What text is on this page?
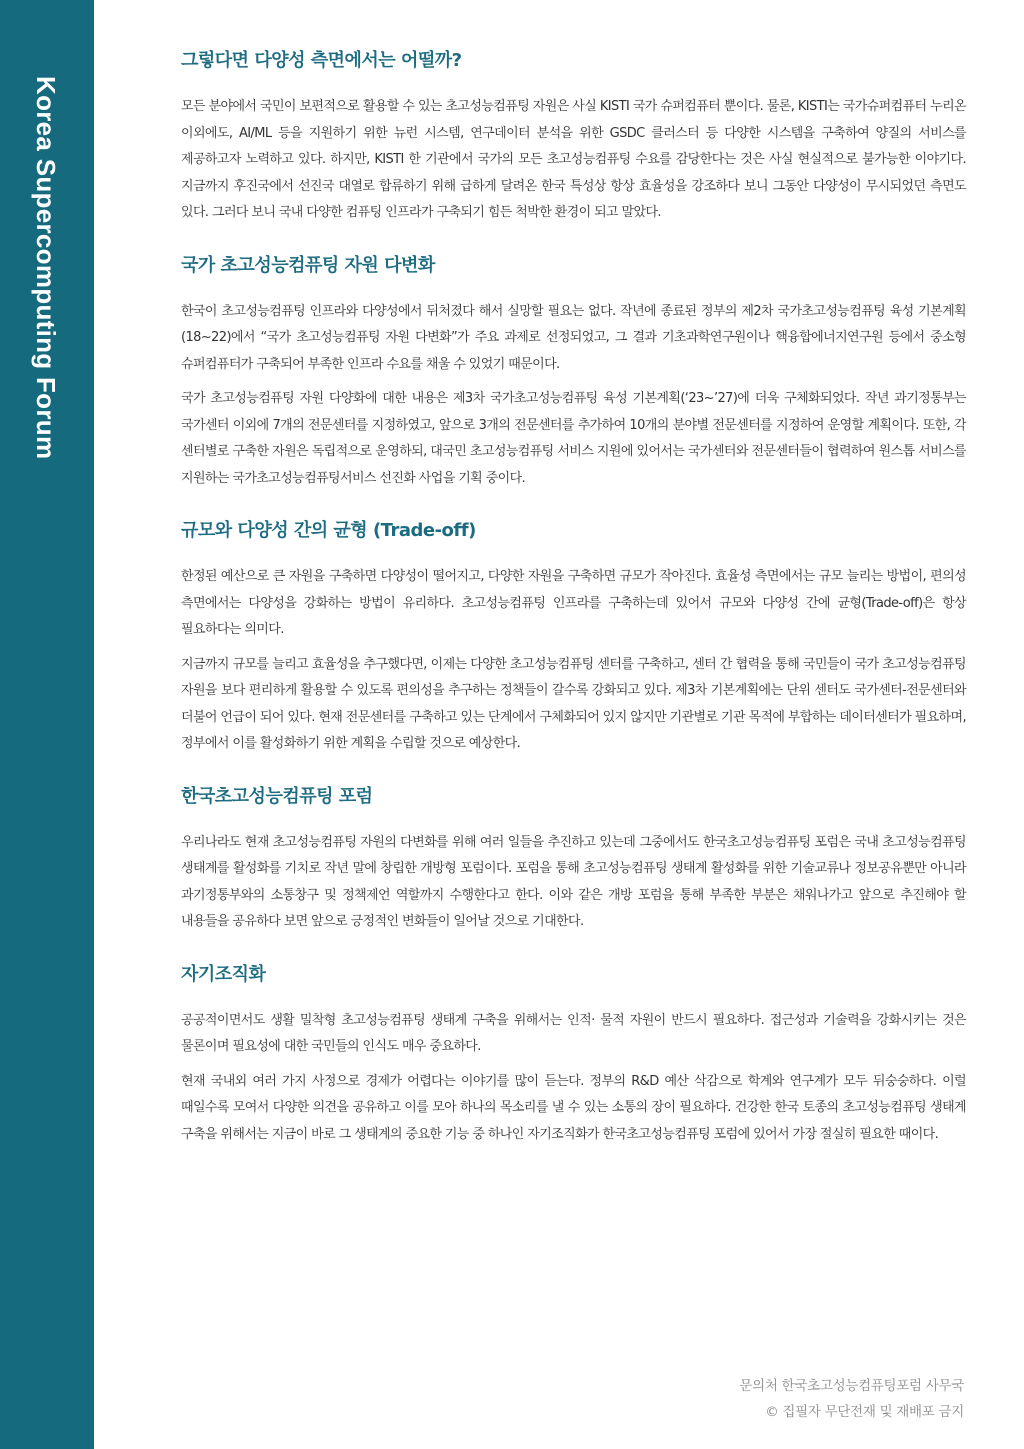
Korea Supercomputing Forum
그렇다면 다양성 측면에서는 어떨까?

모든 분야에서 국민이 보편적으로 활용할 수 있는 초고성능컴퓨팅 자원은 사실 KISTI 국가 슈퍼컴퓨터 뿐이다. 물론, KISTI는 국가슈퍼컴퓨터 누리온 이외에도, AI/ML 등을 지원하기 위한 뉴런 시스템, 연구데이터 분석을 위한 GSDC 클러스터 등 다양한 시스템을 구축하여 양질의 서비스를 제공하고자 노력하고 있다. 하지만, KISTI 한 기관에서 국가의 모든 초고성능컴퓨팅 수요를 감당한다는 것은 사실 현실적으로 불가능한 이야기다. 지금까지 후진국에서 선진국 대열로 합류하기 위해 급하게 달려온 한국 특성상 항상 효율성을 강조하다 보니 그동안 다양성이 무시되었던 측면도 있다. 그러다 보니 국내 다양한 컴퓨팅 인프라가 구축되기 힘든 척박한 환경이 되고 말았다.

국가 초고성능컴퓨팅 자원 다변화

한국이 초고성능컴퓨팅 인프라와 다양성에서 뒤처졌다 해서 실망할 필요는 없다. 작년에 종료된 정부의 제2차 국가초고성능컴퓨팅 육성 기본계획 (18~22)에서 “국가 초고성능컴퓨팅 자원 다변화”가 주요 과제로 선정되었고, 그 결과 기초과학연구원이나 핵융합에너지연구원 등에서 중소형 슈퍼컴퓨터가 구축되어 부족한 인프라 수요를 채울 수 있었기 때문이다.

국가 초고성능컴퓨팅 자원 다양화에 대한 내용은 제3차 국가초고성능컴퓨팅 육성 기본계획(‘23~’27)에 더욱 구체화되었다. 작년 과기정통부는 국가센터 이외에 7개의 전문센터를 지정하였고, 앞으로 3개의 전문센터를 추가하여 10개의 분야별 전문센터를 지정하여 운영할 계획이다. 또한, 각 센터별로 구축한 자원은 독립적으로 운영하되, 대국민 초고성능컴퓨팅 서비스 지원에 있어서는 국가센터와 전문센터들이 협력하여 원스톱 서비스를 지원하는 국가초고성능컴퓨팅서비스 선진화 사업을 기획 중이다.

규모와 다양성 간의 균형 (Trade-off)

한정된 예산으로 큰 자원을 구축하면 다양성이 떨어지고, 다양한 자원을 구축하면 규모가 작아진다. 효율성 측면에서는 규모 늘리는 방법이, 편의성 측면에서는 다양성을 강화하는 방법이 유리하다. 초고성능컴퓨팅 인프라를 구축하는데 있어서 규모와 다양성 간에 균형(Trade-off)은 항상 필요하다는 의미다.

지금까지 규모를 늘리고 효율성을 추구했다면, 이제는 다양한 초고성능컴퓨팅 센터를 구축하고, 센터 간 협력을 통해 국민들이 국가 초고성능컴퓨팅 자원을 보다 편리하게 활용할 수 있도록 편의성을 추구하는 정책들이 갈수록 강화되고 있다. 제3차 기본계획에는 단위 센터도 국가센터-전문센터와 더불어 언급이 되어 있다. 현재 전문센터를 구축하고 있는 단계에서 구체화되어 있지 않지만 기관별로 기관 목적에 부합하는 데이터센터가 필요하며, 정부에서 이를 활성화하기 위한 계획을 수립할 것으로 예상한다.

한국초고성능컴퓨팅 포럼

우리나라도 현재 초고성능컴퓨팅 자원의 다변화를 위해 여러 일들을 추진하고 있는데 그중에서도 한국초고성능컴퓨팅 포럼은 국내 초고성능컴퓨팅 생태계를 활성화를 기치로 작년 말에 창립한 개방형 포럼이다. 포럼을 통해 초고성능컴퓨팅 생태계 활성화를 위한 기술교류나 정보공유뿐만 아니라 과기정통부와의 소통창구 및 정책제언 역할까지 수행한다고 한다. 이와 같은 개방 포럼을 통해 부족한 부분은 채워나가고 앞으로 추진해야 할 내용들을 공유하다 보면 앞으로 긍정적인 변화들이 일어날 것으로 기대한다.

자기조직화

공공적이면서도 생활 밀착형 초고성능컴퓨팅 생태계 구축을 위해서는 인적· 물적 자원이 반드시 필요하다. 접근성과 기술력을 강화시키는 것은 물론이며 필요성에 대한 국민들의 인식도 매우 중요하다.

현재 국내외 여러 가지 사정으로 경제가 어렵다는 이야기를 많이 듣는다. 정부의 R&D 예산 삭감으로 학계와 연구계가 모두 뒤숭숭하다. 이럴 때일수록 모여서 다양한 의견을 공유하고 이를 모아 하나의 목소리를 낼 수 있는 소통의 장이 필요하다. 건강한 한국 토종의 초고성능컴퓨팅 생태계 구축을 위해서는 지금이 바로 그 생태계의 중요한 기능 중 하나인 자기조직화가 한국초고성능컴퓨팅 포럼에 있어서 가장 절실히 필요한 때이다.

문의처 한국초고성능컴퓨팅포럼 사무국
© 집필자 무단전재 및 재배포 금지
